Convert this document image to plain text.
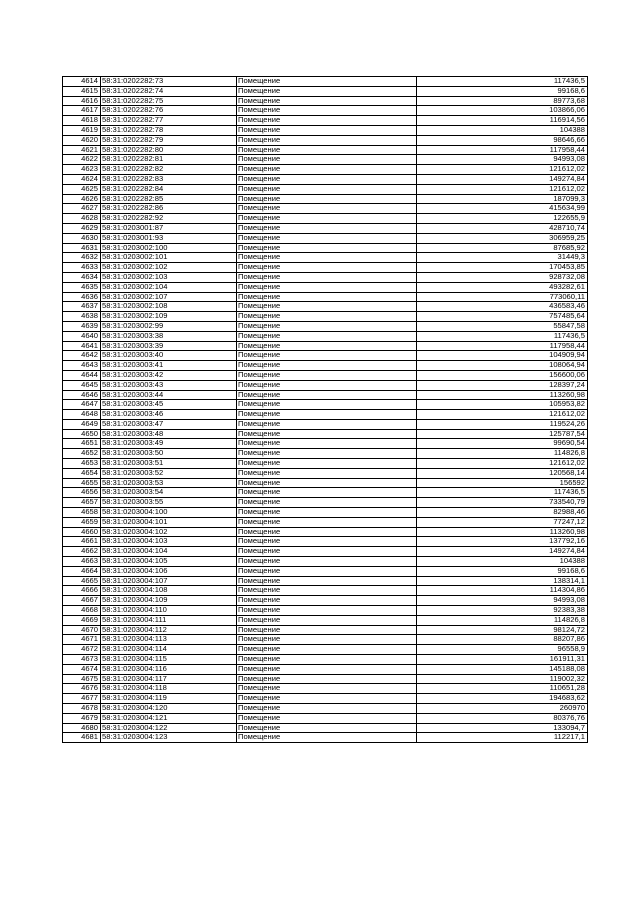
4614	58:31:0202282:73	Помещение	117436,5
4615	58:31:0202282:74	Помещение	99168,6
4616	58:31:0202282:75	Помещение	89773,68
4617	58:31:0202282:76	Помещение	103866,06
4618	58:31:0202282:77	Помещение	116914,56
4619	58:31:0202282:78	Помещение	104388
4620	58:31:0202282:79	Помещение	98646,66
4621	58:31:0202282:80	Помещение	117958,44
4622	58:31:0202282:81	Помещение	94993,08
4623	58:31:0202282:82	Помещение	121612,02
4624	58:31:0202282:83	Помещение	149274,84
4625	58:31:0202282:84	Помещение	121612,02
4626	58:31:0202282:85	Помещение	187099,3
4627	58:31:0202282:86	Помещение	415634,99
4628	58:31:0202282:92	Помещение	122655,9
4629	58:31:0203001:87	Помещение	428710,74
4630	58:31:0203001:93	Помещение	306959,25
4631	58:31:0203002:100	Помещение	87685,92
4632	58:31:0203002:101	Помещение	31449,3
4633	58:31:0203002:102	Помещение	170453,85
4634	58:31:0203002:103	Помещение	928732,08
4635	58:31:0203002:104	Помещение	493282,61
4636	58:31:0203002:107	Помещение	773060,11
4637	58:31:0203002:108	Помещение	436583,46
4638	58:31:0203002:109	Помещение	757485,64
4639	58:31:0203002:99	Помещение	55847,58
4640	58:31:0203003:38	Помещение	117436,5
4641	58:31:0203003:39	Помещение	117958,44
4642	58:31:0203003:40	Помещение	104909,94
4643	58:31:0203003:41	Помещение	108064,94
4644	58:31:0203003:42	Помещение	156600,06
4645	58:31:0203003:43	Помещение	128397,24
4646	58:31:0203003:44	Помещение	113260,98
4647	58:31:0203003:45	Помещение	105953,82
4648	58:31:0203003:46	Помещение	121612,02
4649	58:31:0203003:47	Помещение	119524,26
4650	58:31:0203003:48	Помещение	125787,54
4651	58:31:0203003:49	Помещение	99690,54
4652	58:31:0203003:50	Помещение	114826,8
4653	58:31:0203003:51	Помещение	121612,02
4654	58:31:0203003:52	Помещение	120568,14
4655	58:31:0203003:53	Помещение	156592
4656	58:31:0203003:54	Помещение	117436,5
4657	58:31:0203003:55	Помещение	733540,79
4658	58:31:0203004:100	Помещение	82988,46
4659	58:31:0203004:101	Помещение	77247,12
4660	58:31:0203004:102	Помещение	113260,98
4661	58:31:0203004:103	Помещение	137792,16
4662	58:31:0203004:104	Помещение	149274,84
4663	58:31:0203004:105	Помещение	104388
4664	58:31:0203004:106	Помещение	99168,6
4665	58:31:0203004:107	Помещение	138314,1
4666	58:31:0203004:108	Помещение	114304,86
4667	58:31:0203004:109	Помещение	94993,08
4668	58:31:0203004:110	Помещение	92383,38
4669	58:31:0203004:111	Помещение	114826,8
4670	58:31:0203004:112	Помещение	98124,72
4671	58:31:0203004:113	Помещение	88207,86
4672	58:31:0203004:114	Помещение	96558,9
4673	58:31:0203004:115	Помещение	161911,31
4674	58:31:0203004:116	Помещение	145188,08
4675	58:31:0203004:117	Помещение	119002,32
4676	58:31:0203004:118	Помещение	110651,28
4677	58:31:0203004:119	Помещение	194683,62
4678	58:31:0203004:120	Помещение	260970
4679	58:31:0203004:121	Помещение	80376,76
4680	58:31:0203004:122	Помещение	133094,7
4681	58:31:0203004:123	Помещение	112217,1
